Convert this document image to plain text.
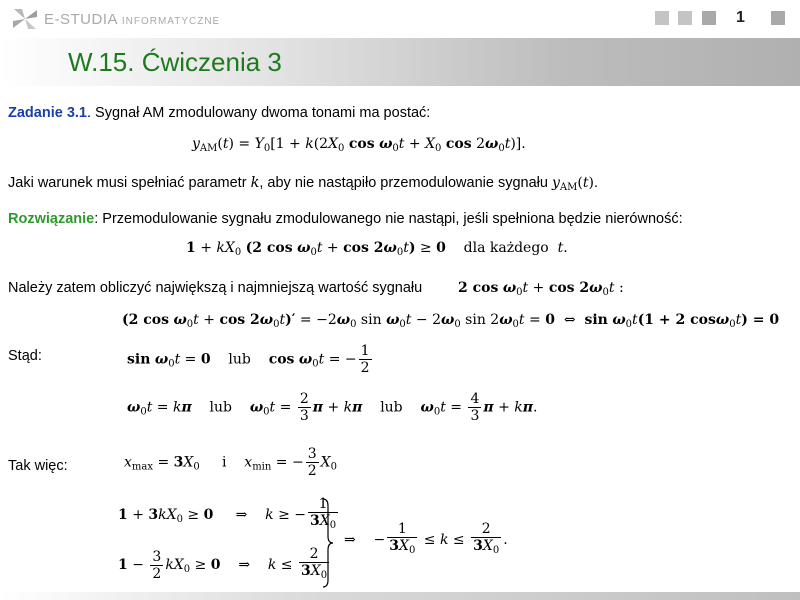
E-STUDIA INFORMATYCZNE	1
W.15. Ćwiczenia 3
Zadanie 3.1. Sygnał AM zmodulowany dwoma tonami ma postać:
$y_{AM}(t) = Y_0[1 + k(2X_0$ $\cos \omega_0t + X_0$ $\cos 2\omega_0t$)].
Jaki warunek musi spełniać parametr k, aby nie nastąpiło przemodulowanie sygnału $y_{AM}(t)$.
Rozwiązanie: Przemodulowanie sygnału zmodulowanego nie nastąpi, jeśli spełniona będzie nierówność:
$1 + kX_0$ (2 $\cos \omega_0t + \cos 2\omega_0t) \ge 0$ dla każdego t.
Należy zatem obliczyć największą i najmniejszą wartość sygnału	2 $\cos \omega_0t + \cos 2\omega_0t$ :
(2 $\cos \omega_0t + \cos 2\omega_0t)' = -2\omega_0$ $\sin \omega_0t - 2\omega_0$ $\sin 2\omega_0t = 0$  ⇔  $\sin \omega_0t(1 + 2$ cosω$_0$t) = 0
Stąd:	$\sin \omega_0t = 0$ lub $\cos \omega_0t$ = − $\frac{1}{2}$
$\omega_0t = k\pi$ lub $\omega_0t = \frac{2}{3}$ π + kπ lub $\omega_0t = \frac{4}{3}$ π + kπ.
Tak więc:	$x_{max} = 3X_0$ i $x_{min}$ = − $\frac{3}{2} X_0$
$1 + 3kX_0 \ge 0$     ⇒    k ≥ − $\frac{1}{3X_0}$
$1 - \frac{3}{2} kX_0 \ge 0$    ⇒    $k \le \frac{2}{3X_0}$
⇒    − $\frac{1}{3X_0} \le k \le \frac{2}{3X_0}$ .
